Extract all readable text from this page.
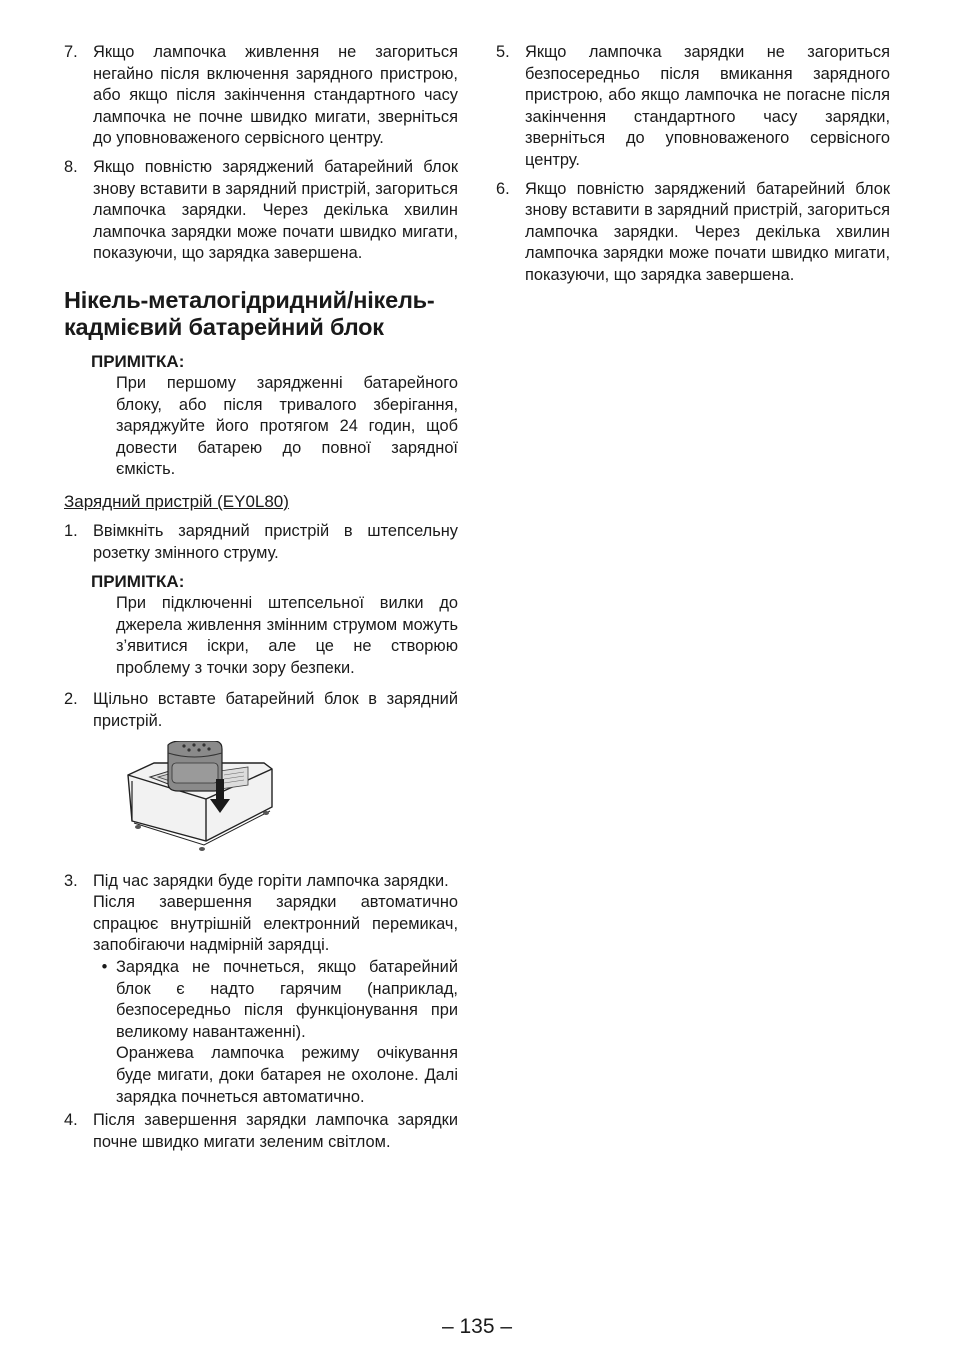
7. Якщо лампочка живлення не загориться негайно після включення зарядного пристрою, або якщо після закінчення стандартного часу лампочка не почне швидко мигати, зверніться до уповноваженого сервісного центру.
8. Якщо повністю заряджений батарейний блок знову вставити в зарядний пристрій, загориться лампочка зарядки. Через декілька хвилин лампочка зарядки може почати швидко мигати, показуючи, що зарядка завершена.
Нікель-металогідридний/нікель-кадмієвий батарейний блок
ПРИМІТКА:
При першому зарядженні батарейного блоку, або після тривалого зберігання, заряджуйте його протягом 24 годин, щоб довести батарею до повної зарядної ємкість.
Зарядний пристрій (EY0L80)
1. Ввімкніть зарядний пристрій в штепсельну розетку змінного струму.
ПРИМІТКА:
При підключенні штепсельної вилки до джерела живлення змінним струмом можуть з’явитися іскри, але це не створюю проблему з точки зору безпеки.
2. Щільно вставте батарейний блок в зарядний пристрій.
3. Під час зарядки буде горіти лампочка зарядки.
Після завершення зарядки автоматично спрацює внутрішній електронний перемикач, запобігаючи надмірній зарядці.
• Зарядка не почнеться, якщо батарейний блок є надто гарячим (наприклад, безпосередньо після функціонування при великому навантаженні).
Оранжева лампочка режиму очікування буде мигати, доки батарея не охолоне. Далі зарядка почнеться автоматично.
4. Після завершення зарядки лампочка зарядки почне швидко мигати зеленим світлом.
5. Якщо лампочка зарядки не загориться безпосередньо після вмикання зарядного пристрою, або якщо лампочка не погасне після закінчення стандартного часу зарядки, зверніться до уповноваженого сервісного центру.
6. Якщо повністю заряджений батарейний блок знову вставити в зарядний пристрій, загориться лампочка зарядки. Через декілька хвилин лампочка зарядки може почати швидко мигати, показуючи, що зарядка завершена.
– 135 –
